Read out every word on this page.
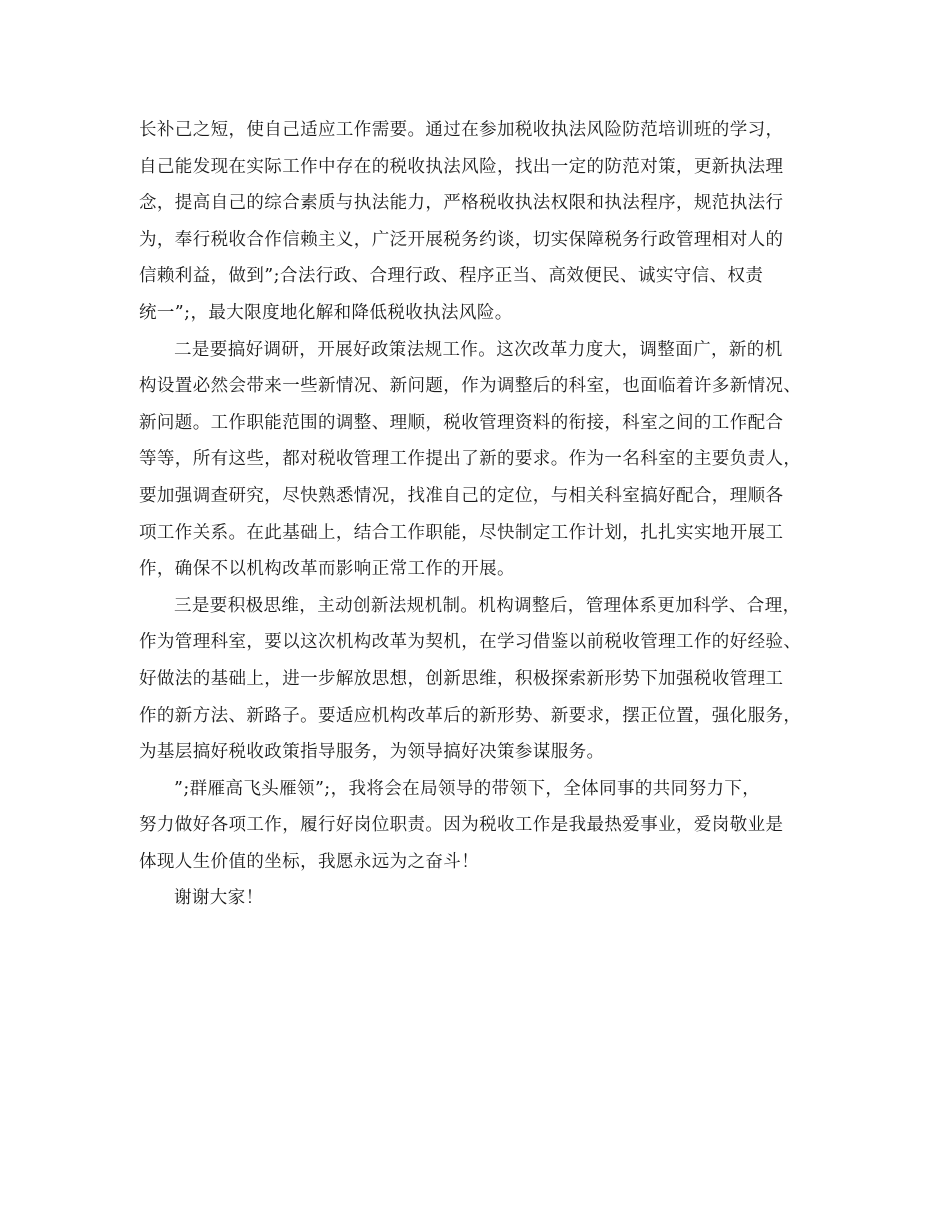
长补己之短，使自己适应工作需要。通过在参加税收执法风险防范培训班的学习，
自己能发现在实际工作中存在的税收执法风险，找出一定的防范对策，更新执法理
念，提高自己的综合素质与执法能力，严格税收执法权限和执法程序，规范执法行
为，奉行税收合作信赖主义，广泛开展税务约谈，切实保障税务行政管理相对人的
信赖利益，做到”;合法行政、合理行政、程序正当、高效便民、诚实守信、权责
统一”;，最大限度地化解和降低税收执法风险。
二是要搞好调研，开展好政策法规工作。这次改革力度大，调整面广，新的机
构设置必然会带来一些新情况、新问题，作为调整后的科室，也面临着许多新情况、
新问题。工作职能范围的调整、理顺，税收管理资料的衔接，科室之间的工作配合
等等，所有这些，都对税收管理工作提出了新的要求。作为一名科室的主要负责人，
要加强调查研究，尽快熟悉情况，找准自己的定位，与相关科室搞好配合，理顺各
项工作关系。在此基础上，结合工作职能，尽快制定工作计划，扎扎实实地开展工
作，确保不以机构改革而影响正常工作的开展。
三是要积极思维，主动创新法规机制。机构调整后，管理体系更加科学、合理，
作为管理科室，要以这次机构改革为契机，在学习借鉴以前税收管理工作的好经验、
好做法的基础上，进一步解放思想，创新思维，积极探索新形势下加强税收管理工
作的新方法、新路子。要适应机构改革后的新形势、新要求，摆正位置，强化服务，
为基层搞好税收政策指导服务，为领导搞好决策参谋服务。
”;群雁高飞头雁领”;，我将会在局领导的带领下，全体同事的共同努力下，
努力做好各项工作，履行好岗位职责。因为税收工作是我最热爱事业，爱岗敬业是
体现人生价值的坐标，我愿永远为之奋斗！
谢谢大家！
